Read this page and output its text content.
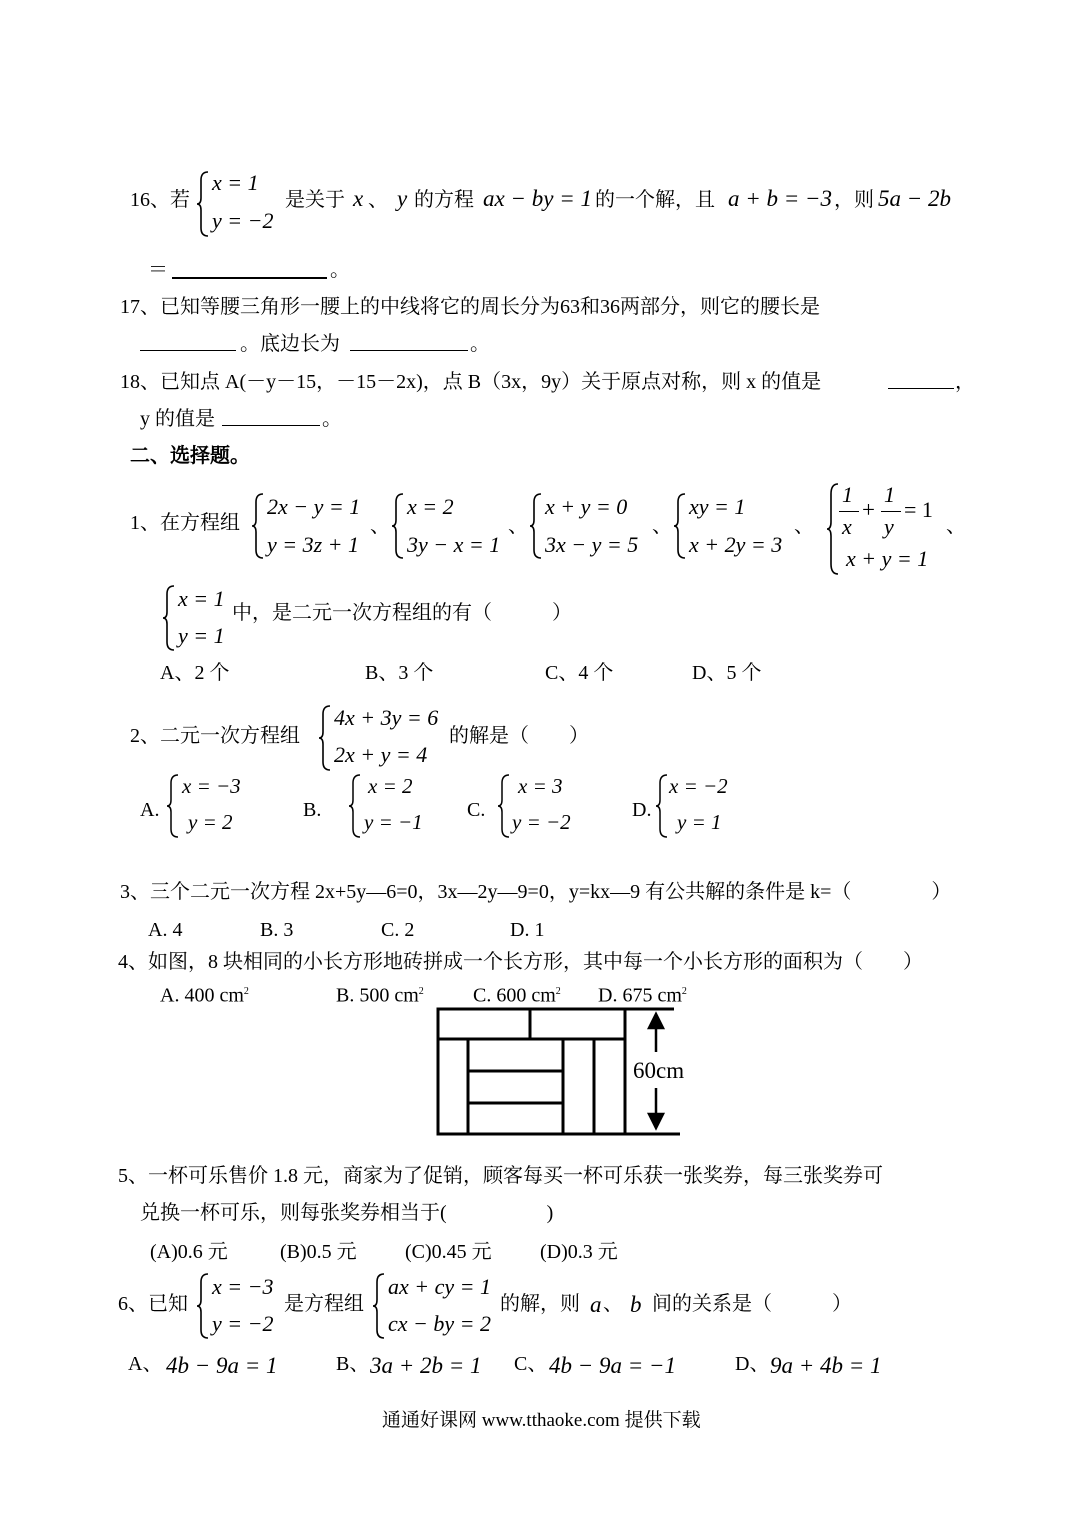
16、若
x = 1
y = −2
是关于 x 、 y 的方程 ax − by = 1 的一个解，且 a + b = −3 ，则 5a − 2b
＝	。
17、已知等腰三角形一腰上的中线将它的周长分为63和36两部分，则它的腰长是
。底边长为	。
18、已知点 A(－y－15，－15－2x)，点 B（3x，9y）关于原点对称，则 x 的值是	，
y 的值是	。
二、选择题。
1、在方程组
2x − y = 1
y = 3z + 1
、
x = 2
3y − x = 1
、
x + y = 0
3x − y = 5
、
xy = 1
x + 2y = 3
、
1
x
+
1
y
= 1
x + y = 1
、
x = 1
y = 1
中，是二元一次方程组的有（　　　）
A、2 个	B、3 个	C、4 个	D、5 个
2、二元一次方程组
4x + 3y = 6
2x + y = 4
的解是（　　）
A.
x = −3
y = 2	B.
x = 2
y = −1 C.
x = 3
y = −2	D.
x = −2
y = 1
3、三个二元一次方程 2x+5y—6=0，3x—2y—9=0，y=kx—9 有公共解的条件是 k=（　　　　）
A. 4	B. 3	C. 2	D. 1
4、如图，8 块相同的小长方形地砖拼成一个长方形，其中每一个小长方形的面积为（　　）
A. 400 $cm^2$	B. 500 $cm^2$ C. 600 $cm^2$ D. 675 $cm^2$
60cm
5、一杯可乐售价 1.8 元，商家为了促销，顾客每买一杯可乐获一张奖券，每三张奖券可
兑换一杯可乐，则每张奖券相当于(　　　　　)
(A)0.6 元	(B)0.5 元 (C)0.45 元 (D)0.3 元
6、已知
x = −3
y = −2
是方程组
ax + cy = 1
cx − by = 2
的解，则 a 、 b 间的关系是（　　　）
A、 4b − 9a = 1	B、 3a + 2b = 1 C、 4b − 9a = −1	D、 9a + 4b = 1
通通好课网 www.tthaoke.com 提供下载
